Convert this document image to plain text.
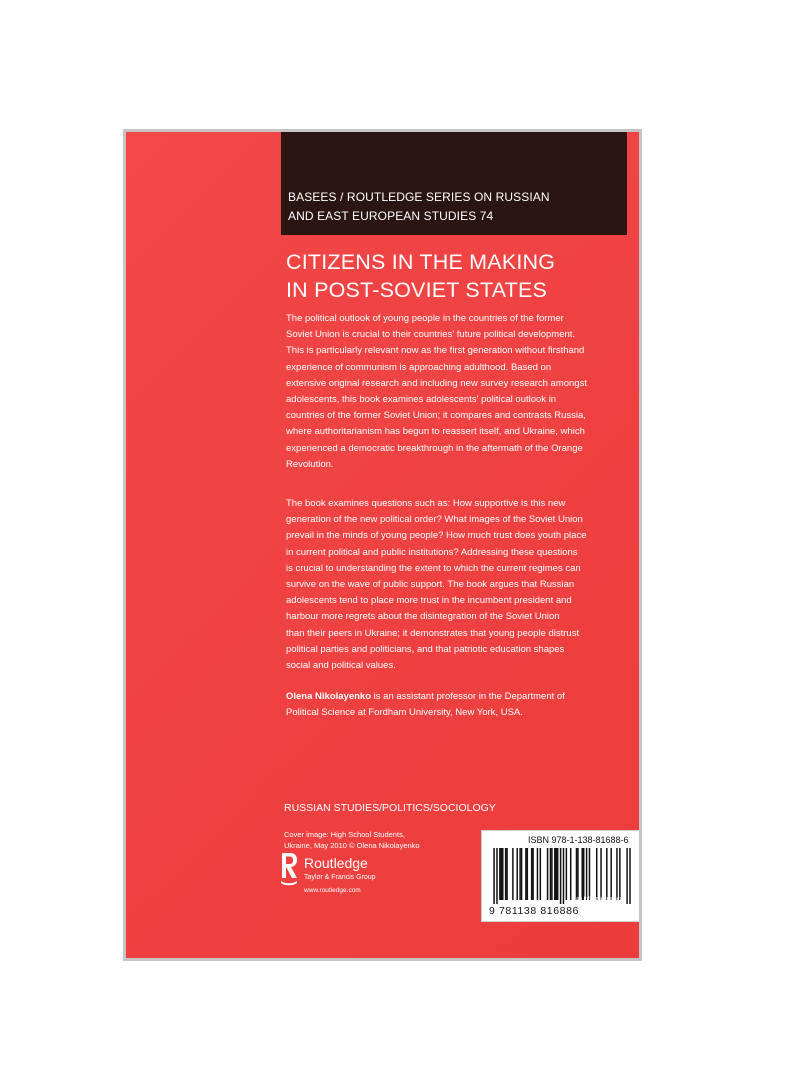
BASEES / ROUTLEDGE SERIES ON RUSSIAN
AND EAST EUROPEAN STUDIES 74
CITIZENS IN THE MAKING
IN POST-SOVIET STATES
The political outlook of young people in the countries of the former
Soviet Union is crucial to their countries' future political development.
This is particularly relevant now as the first generation without firsthand
experience of communism is approaching adulthood. Based on
extensive original research and including new survey research amongst
adolescents, this book examines adolescents' political outlook in
countries of the former Soviet Union; it compares and contrasts Russia,
where authoritarianism has begun to reassert itself, and Ukraine, which
experienced a democratic breakthrough in the aftermath of the Orange
Revolution.
The book examines questions such as: How supportive is this new
generation of the new political order? What images of the Soviet Union
prevail in the minds of young people? How much trust does youth place
in current political and public institutions? Addressing these questions
is crucial to understanding the extent to which the current regimes can
survive on the wave of public support. The book argues that Russian
adolescents tend to place more trust in the incumbent president and
harbour more regrets about the disintegration of the Soviet Union
than their peers in Ukraine; it demonstrates that young people distrust
political parties and politicians, and that patriotic education shapes
social and political values.
Olena Nikolayenko is an assistant professor in the Department of
Political Science at Fordham University, New York, USA.
RUSSIAN STUDIES/POLITICS/SOCIOLOGY
Cover image: High School Students,
Ukraine, May 2010 © Olena Nikolayenko
Routledge
Taylor & Francis Group
www.routledge.com
ISBN 978-1-138-81688-6
9 781138 816886
an informa business
